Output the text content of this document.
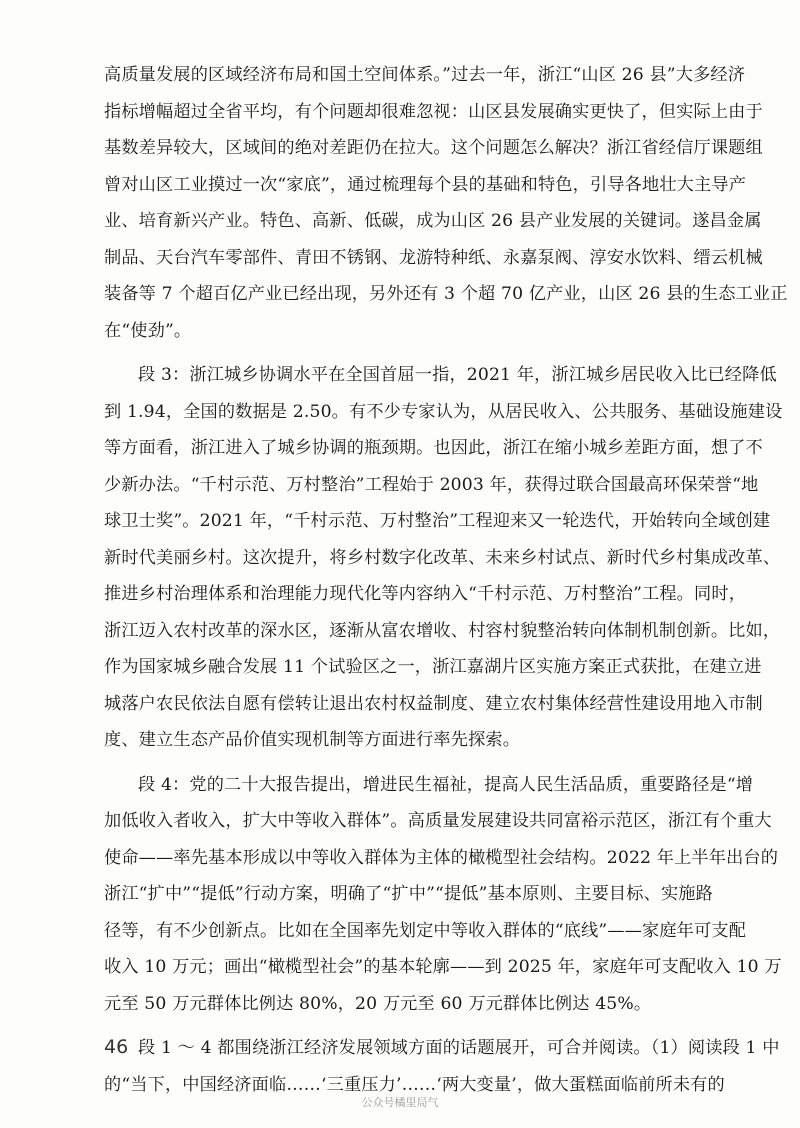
高质量发展的区域经济布局和国土空间体系。”过去一年，浙江“山区 26 县”大多经济
指标增幅超过全省平均，有个问题却很难忽视：山区县发展确实更快了，但实际上由于
基数差异较大，区域间的绝对差距仍在拉大。这个问题怎么解决？浙江省经信厅课题组
曾对山区工业摸过一次“家底”，通过梳理每个县的基础和特色，引导各地壮大主导产
业、培育新兴产业。特色、高新、低碳，成为山区 26 县产业发展的关键词。遂昌金属
制品、天台汽车零部件、青田不锈钢、龙游特种纸、永嘉泵阀、淳安水饮料、缙云机械
装备等 7 个超百亿产业已经出现，另外还有 3 个超 70 亿产业，山区 26 县的生态工业正
在“使劲”。
段 3：浙江城乡协调水平在全国首屈一指，2021 年，浙江城乡居民收入比已经降低
到 1.94，全国的数据是 2.50。有不少专家认为，从居民收入、公共服务、基础设施建设
等方面看，浙江进入了城乡协调的瓶颈期。也因此，浙江在缩小城乡差距方面，想了不
少新办法。“千村示范、万村整治”工程始于 2003 年，获得过联合国最高环保荣誉“地
球卫士奖”。2021 年，“千村示范、万村整治”工程迎来又一轮迭代，开始转向全域创建
新时代美丽乡村。这次提升，将乡村数字化改革、未来乡村试点、新时代乡村集成改革、
推进乡村治理体系和治理能力现代化等内容纳入“千村示范、万村整治”工程。同时，
浙江迈入农村改革的深水区，逐渐从富农增收、村容村貌整治转向体制机制创新。比如，
作为国家城乡融合发展 11 个试验区之一，浙江嘉湖片区实施方案正式获批，在建立进
城落户农民依法自愿有偿转让退出农村权益制度、建立农村集体经营性建设用地入市制
度、建立生态产品价值实现机制等方面进行率先探索。
段 4：党的二十大报告提出，增进民生福祉，提高人民生活品质，重要路径是“增
加低收入者收入，扩大中等收入群体”。高质量发展建设共同富裕示范区，浙江有个重大
使命——率先基本形成以中等收入群体为主体的橄榄型社会结构。2022 年上半年出台的
浙江“扩中”“提低”行动方案，明确了“扩中”“提低”基本原则、主要目标、实施路
径等，有不少创新点。比如在全国率先划定中等收入群体的“底线”——家庭年可支配
收入 10 万元；画出“橄榄型社会”的基本轮廓——到 2025 年，家庭年可支配收入 10 万
元至 50 万元群体比例达 80%，20 万元至 60 万元群体比例达 45%。
段 1 ～ 4 都围绕浙江经济发展领域方面的话题展开，可合并阅读。（1）阅读段 1 中
的“当下，中国经济面临……‘三重压力’……‘两大变量’，做大蛋糕面临前所未有的
46
公众号橘里局气
